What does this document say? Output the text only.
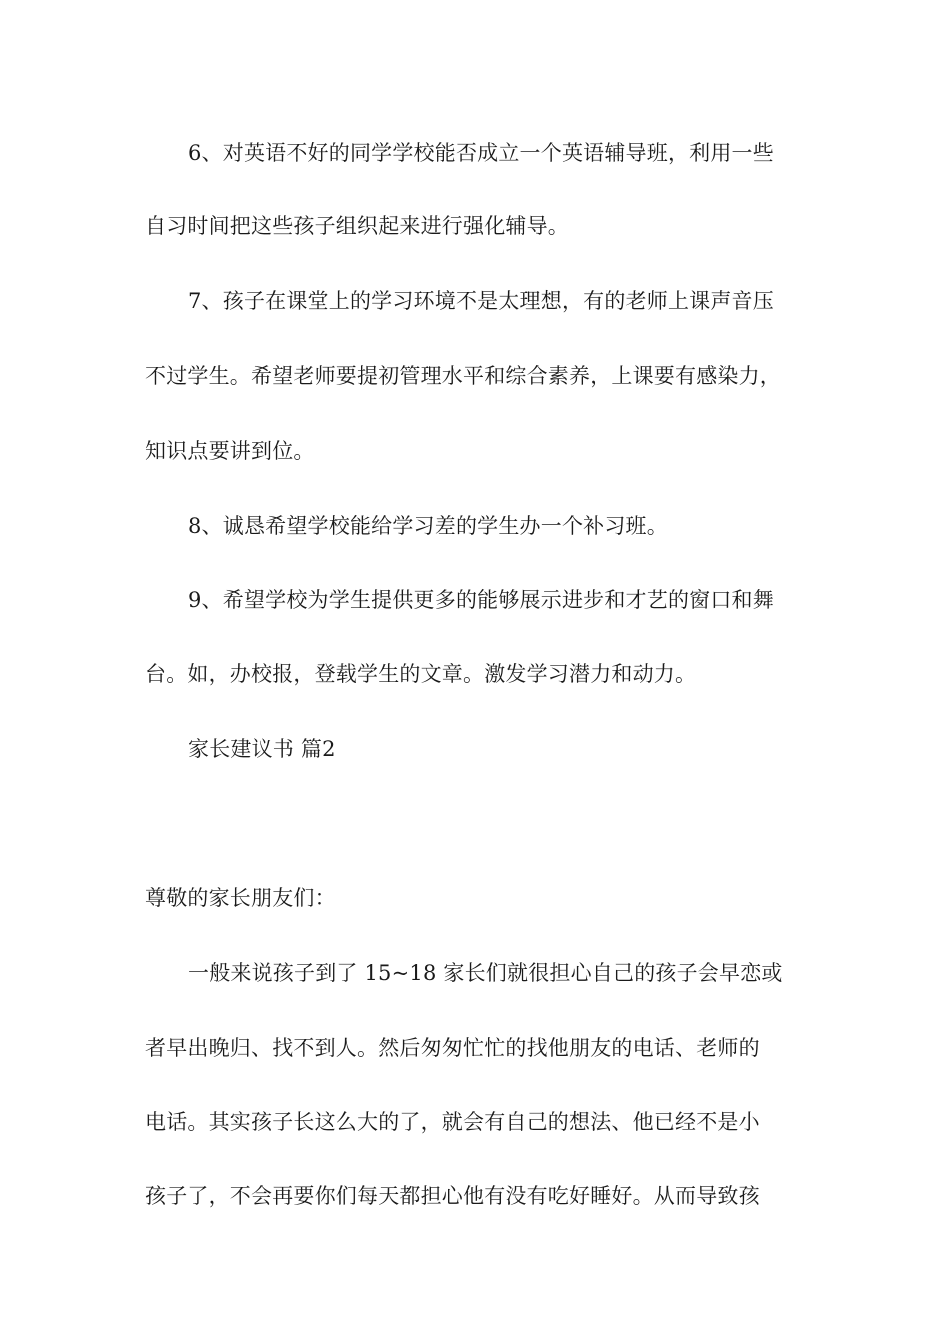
6、对英语不好的同学学校能否成立一个英语辅导班，利用一些
自习时间把这些孩子组织起来进行强化辅导。
7、孩子在课堂上的学习环境不是太理想，有的老师上课声音压
不过学生。希望老师要提初管理水平和综合素养，上课要有感染力，
知识点要讲到位。
8、诚恳希望学校能给学习差的学生办一个补习班。
9、希望学校为学生提供更多的能够展示进步和才艺的窗口和舞
台。如，办校报，登载学生的文章。激发学习潜力和动力。
家长建议书 篇2
尊敬的家长朋友们：
一般来说孩子到了 15~18 家长们就很担心自己的孩子会早恋或
者早出晚归、找不到人。然后匆匆忙忙的找他朋友的电话、老师的
电话。其实孩子长这么大的了，就会有自己的想法、他已经不是小
孩子了，不会再要你们每天都担心他有没有吃好睡好。从而导致孩
